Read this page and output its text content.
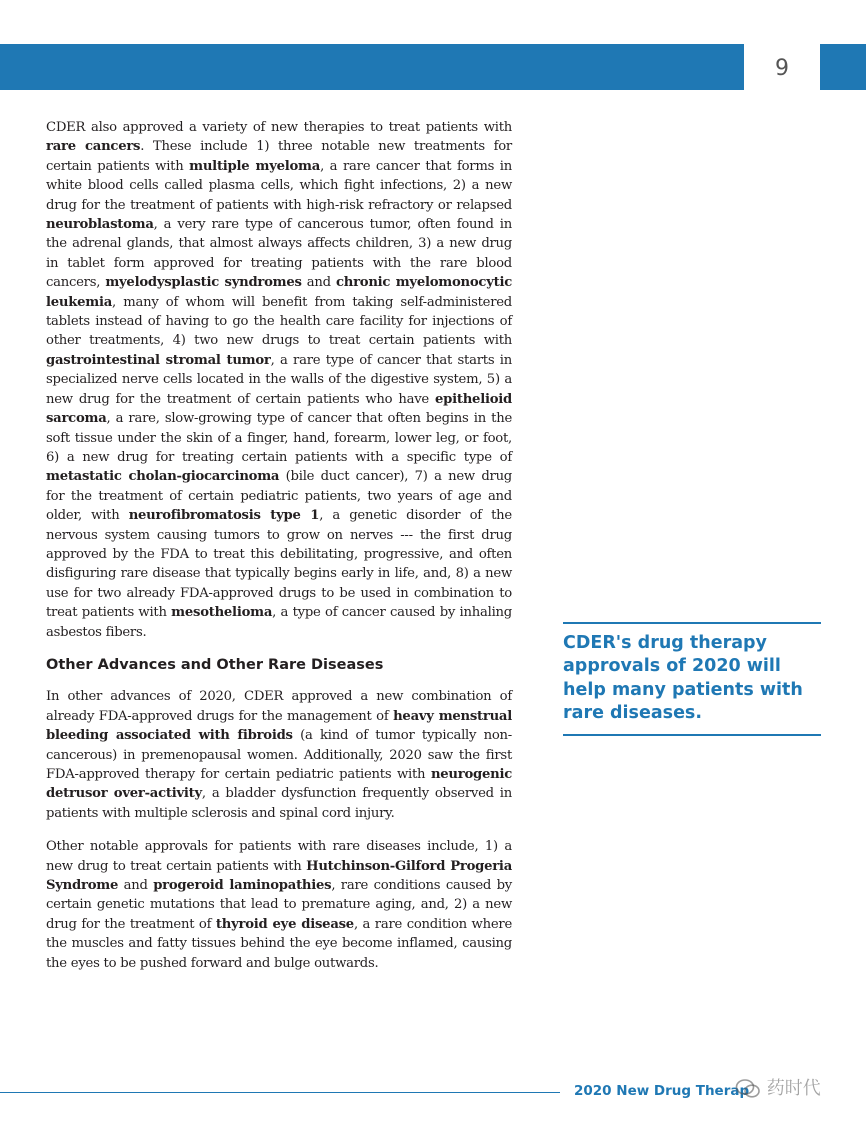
9

CDER also approved a variety of new therapies to treat patients with rare cancers. These include 1) three notable new treatments for certain patients with multiple myeloma, a rare cancer that forms in white blood cells called plasma cells, which fight infections, 2) a new drug for the treatment of patients with high-risk refractory or relapsed neuroblastoma, a very rare type of cancerous tumor, often found in the adrenal glands, that almost always affects children, 3) a new drug in tablet form approved for treating patients with the rare blood cancers, myelodysplastic syndromes and chronic myelomonocytic leukemia, many of whom will benefit from taking self-administered tablets instead of having to go the health care facility for injections of other treatments, 4) two new drugs to treat certain patients with gastrointestinal stromal tumor, a rare type of cancer that starts in specialized nerve cells located in the walls of the digestive system, 5) a new drug for the treatment of certain patients who have epithelioid sarcoma, a rare, slow-growing type of cancer that often begins in the soft tissue under the skin of a finger, hand, forearm, lower leg, or foot, 6) a new drug for treating certain patients with a specific type of metastatic cholan-giocarcinoma (bile duct cancer), 7) a new drug for the treatment of certain pediatric patients, two years of age and older, with neurofibromatosis type 1, a genetic disorder of the nervous system causing tumors to grow on nerves --- the first drug approved by the FDA to treat this debilitating, progressive, and often disfiguring rare disease that typically begins early in life, and, 8) a new use for two already FDA-approved drugs to be used in combination to treat patients with mesothelioma, a type of cancer caused by inhaling asbestos fibers.

Other Advances and Other Rare Diseases

In other advances of 2020, CDER approved a new combination of already FDA-approved drugs for the management of heavy menstrual bleeding associated with fibroids (a kind of tumor typically non-cancerous) in premenopausal women. Additionally, 2020 saw the first FDA-approved therapy for certain pediatric patients with neurogenic detrusor over-activity, a bladder dysfunction frequently observed in patients with multiple sclerosis and spinal cord injury.

Other notable approvals for patients with rare diseases include, 1) a new drug to treat certain patients with Hutchinson-Gilford Progeria Syndrome and progeroid laminopathies, rare conditions caused by certain genetic mutations that lead to premature aging, and, 2) a new drug for the treatment of thyroid eye disease, a rare condition where the muscles and fatty tissues behind the eye become inflamed, causing the eyes to be pushed forward and bulge outwards.

CDER's drug therapy approvals of 2020 will help many patients with rare diseases.
2020 New Drug Therap 药时代
